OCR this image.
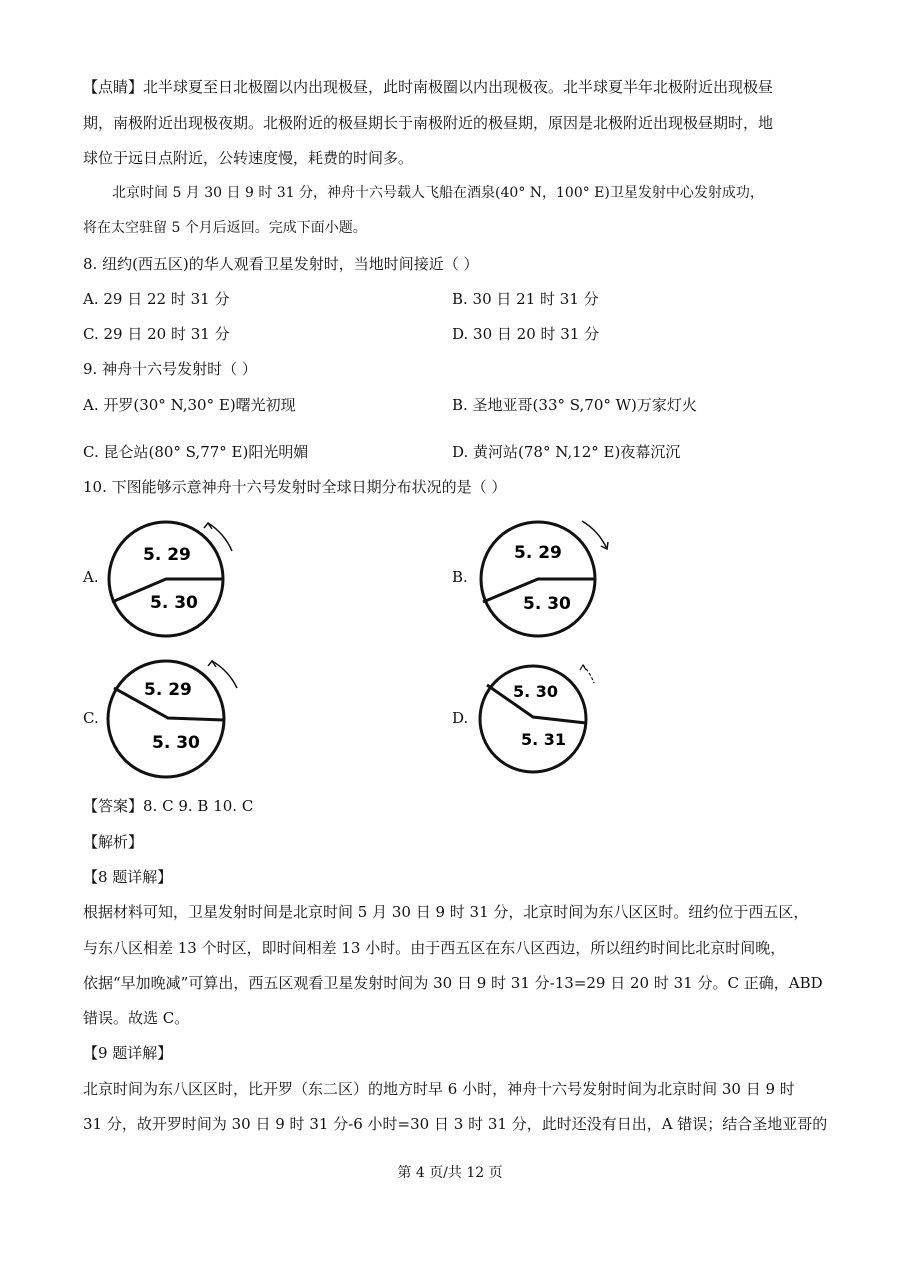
【点睛】北半球夏至日北极圈以内出现极昼，此时南极圈以内出现极夜。北半球夏半年北极附近出现极昼
期，南极附近出现极夜期。北极附近的极昼期长于南极附近的极昼期，原因是北极附近出现极昼期时，地
球位于远日点附近，公转速度慢，耗费的时间多。
北京时间 5 月 30 日 9 时 31 分，神舟十六号载人飞船在酒泉(40° N，100° E)卫星发射中心发射成功，
将在太空驻留 5 个月后返回。完成下面小题。
8. 纽约(西五区)的华人观看卫星发射时，当地时间接近（ ）
A. 29 日 22 时 31 分	B. 30 日 21 时 31 分
C. 29 日 20 时 31 分	D. 30 日 20 时 31 分
9. 神舟十六号发射时（ ）
A. 开罗(30° N,30° E)曙光初现	B. 圣地亚哥(33° S,70° W)万家灯火
C. 昆仑站(80° S,77° E)阳光明媚	D. 黄河站(78° N,12° E)夜幕沉沉
10. 下图能够示意神舟十六号发射时全球日期分布状况的是（ ）
A.
5. 29
5. 30
B.
5. 29
5. 30
C.
5. 29
5. 30
D.
5. 30
5. 31
【答案】8. C 9. B 10. C
【解析】
【8 题详解】
根据材料可知，卫星发射时间是北京时间 5 月 30 日 9 时 31 分，北京时间为东八区区时。纽约位于西五区，
与东八区相差 13 个时区，即时间相差 13 小时。由于西五区在东八区西边，所以纽约时间比北京时间晚，
依据“早加晚减”可算出，西五区观看卫星发射时间为 30 日 9 时 31 分-13=29 日 20 时 31 分。C 正确，ABD
错误。故选 C。
【9 题详解】
北京时间为东八区区时，比开罗（东二区）的地方时早 6 小时，神舟十六号发射时间为北京时间 30 日 9 时
31 分，故开罗时间为 30 日 9 时 31 分-6 小时=30 日 3 时 31 分，此时还没有日出，A 错误；结合圣地亚哥的
第 4 页/共 12 页
